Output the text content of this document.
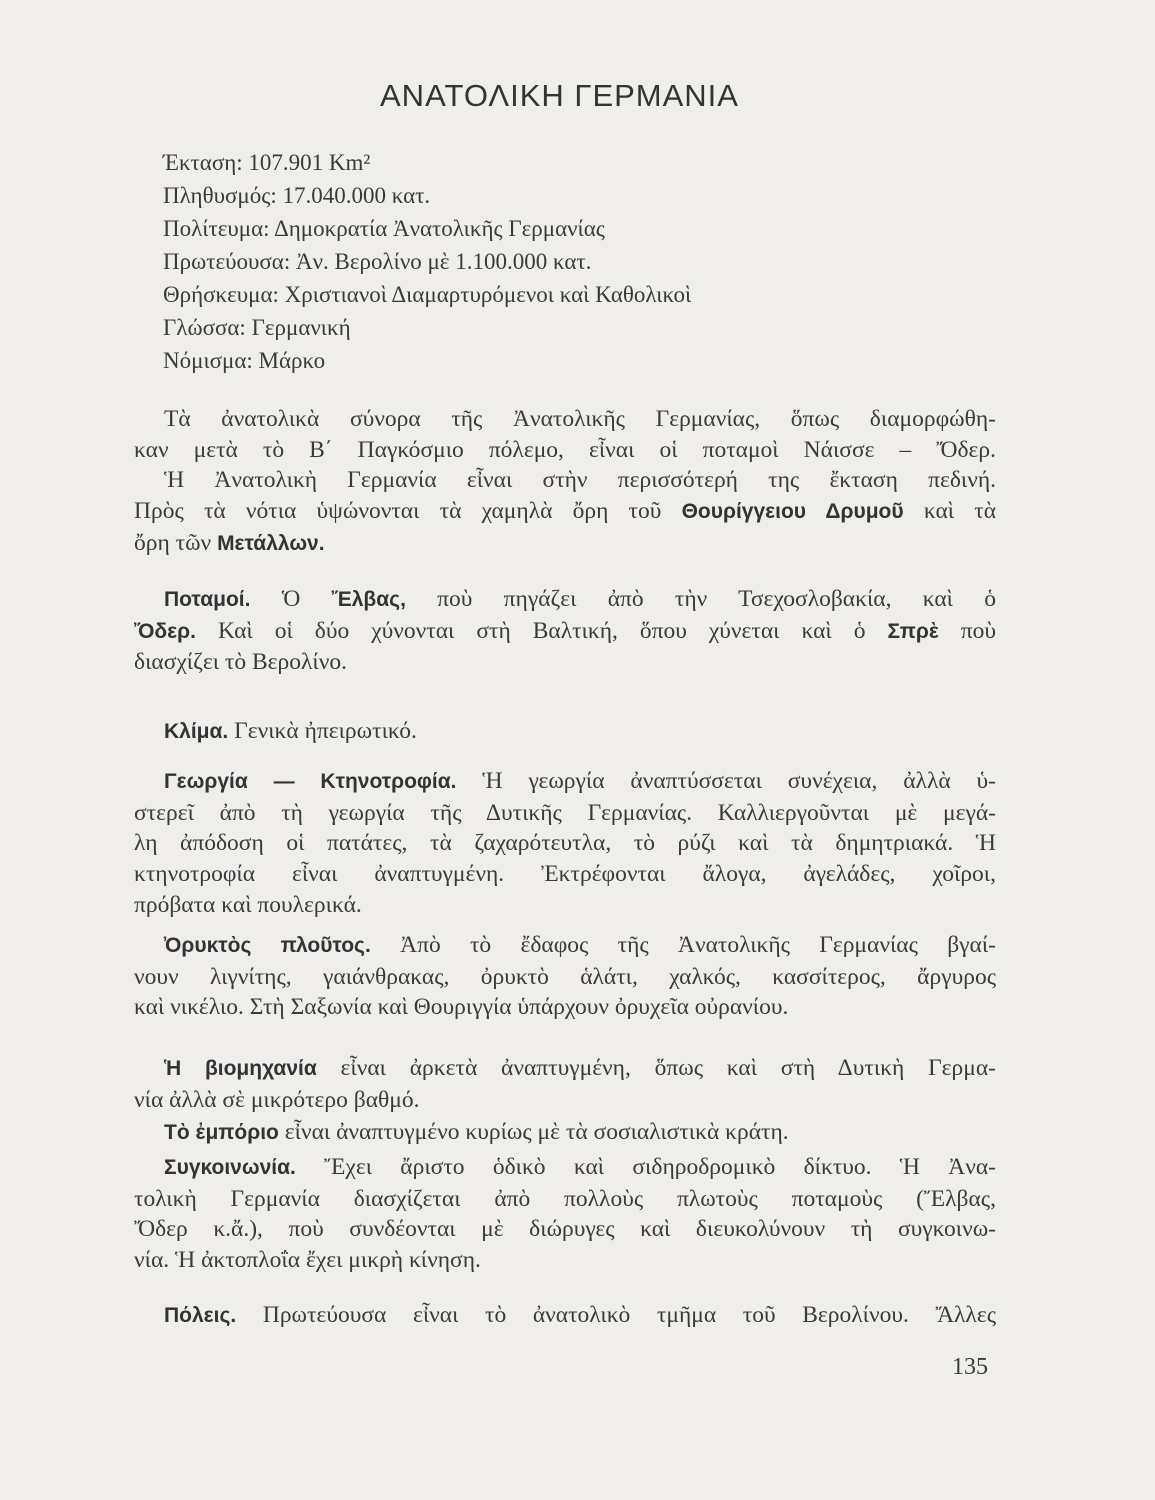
ΑΝΑΤΟΛΙΚΗ ΓΕΡΜΑΝΙΑ
Έκταση: 107.901 Km²
Πληθυσμός: 17.040.000 κατ.
Πολίτευμα: Δημοκρατία Ἀνατολικῆς Γερμανίας
Πρωτεύουσα: Ἀν. Βερολίνο μὲ 1.100.000 κατ.
Θρήσκευμα: Χριστιανοὶ Διαμαρτυρόμενοι καὶ Καθολικοὶ
Γλώσσα: Γερμανική
Νόμισμα: Μάρκο

Τὰ ἀνατολικὰ σύνορα τῆς Ἀνατολικῆς Γερμανίας, ὅπως διαμορφώθη-

καν μετὰ τὸ Β΄ Παγκόσμιο πόλεμο, εἶναι οἱ ποταμοὶ Νάισσε – Ὄδερ.

Ἡ Ἀνατολικὴ Γερμανία εἶναι στὴν περισσότερή της ἔκταση πεδινή.

Πρὸς τὰ νότια ὑψώνονται τὰ χαμηλὰ ὄρη τοῦ Θουρίγγειου Δρυμοῦ καὶ τὰ

ὄρη τῶν Μετάλλων.

Ποταμοί. Ὁ Ἔλβας, ποὺ πηγάζει ἀπὸ τὴν Τσεχοσλοβακία, καὶ ὁ

Ὄδερ. Καὶ οἱ δύο χύνονται στὴ Βαλτική, ὅπου χύνεται καὶ ὁ Σπρὲ ποὺ

διασχίζει τὸ Βερολίνο.

Κλίμα. Γενικὰ ἠπειρωτικό.

Γεωργία — Κτηνοτροφία. Ἡ γεωργία ἀναπτύσσεται συνέχεια, ἀλλὰ ὑ-

στερεῖ ἀπὸ τὴ γεωργία τῆς Δυτικῆς Γερμανίας. Καλλιεργοῦνται μὲ μεγά-

λη ἀπόδοση οἱ πατάτες, τὰ ζαχαρότευτλα, τὸ ρύζι καὶ τὰ δημητριακά. Ἡ

κτηνοτροφία εἶναι ἀναπτυγμένη. Ἐκτρέφονται ἄλογα, ἀγελάδες, χοῖροι,

πρόβατα καὶ πουλερικά.

Ὀρυκτὸς πλοῦτος. Ἀπὸ τὸ ἔδαφος τῆς Ἀνατολικῆς Γερμανίας βγαί-

νουν λιγνίτης, γαιάνθρακας, ὀρυκτὸ ἁλάτι, χαλκός, κασσίτερος, ἄργυρος

καὶ νικέλιο. Στὴ Σαξωνία καὶ Θουριγγία ὑπάρχουν ὀρυχεῖα οὐρανίου.

Ἡ βιομηχανία εἶναι ἀρκετὰ ἀναπτυγμένη, ὅπως καὶ στὴ Δυτικὴ Γερμα-

νία ἀλλὰ σὲ μικρότερο βαθμό.

Τὸ ἐμπόριο εἶναι ἀναπτυγμένο κυρίως μὲ τὰ σοσιαλιστικὰ κράτη.

Συγκοινωνία. Ἔχει ἄριστο ὁδικὸ καὶ σιδηροδρομικὸ δίκτυο. Ἡ Ἀνα-

τολικὴ Γερμανία διασχίζεται ἀπὸ πολλοὺς πλωτοὺς ποταμοὺς (Ἔλβας,

Ὄδερ κ.ἄ.), ποὺ συνδέονται μὲ διώρυγες καὶ διευκολύνουν τὴ συγκοινω-

νία. Ἡ ἀκτοπλοΐα ἔχει μικρὴ κίνηση.

Πόλεις. Πρωτεύουσα εἶναι τὸ ἀνατολικὸ τμῆμα τοῦ Βερολίνου. Ἄλλες

135
